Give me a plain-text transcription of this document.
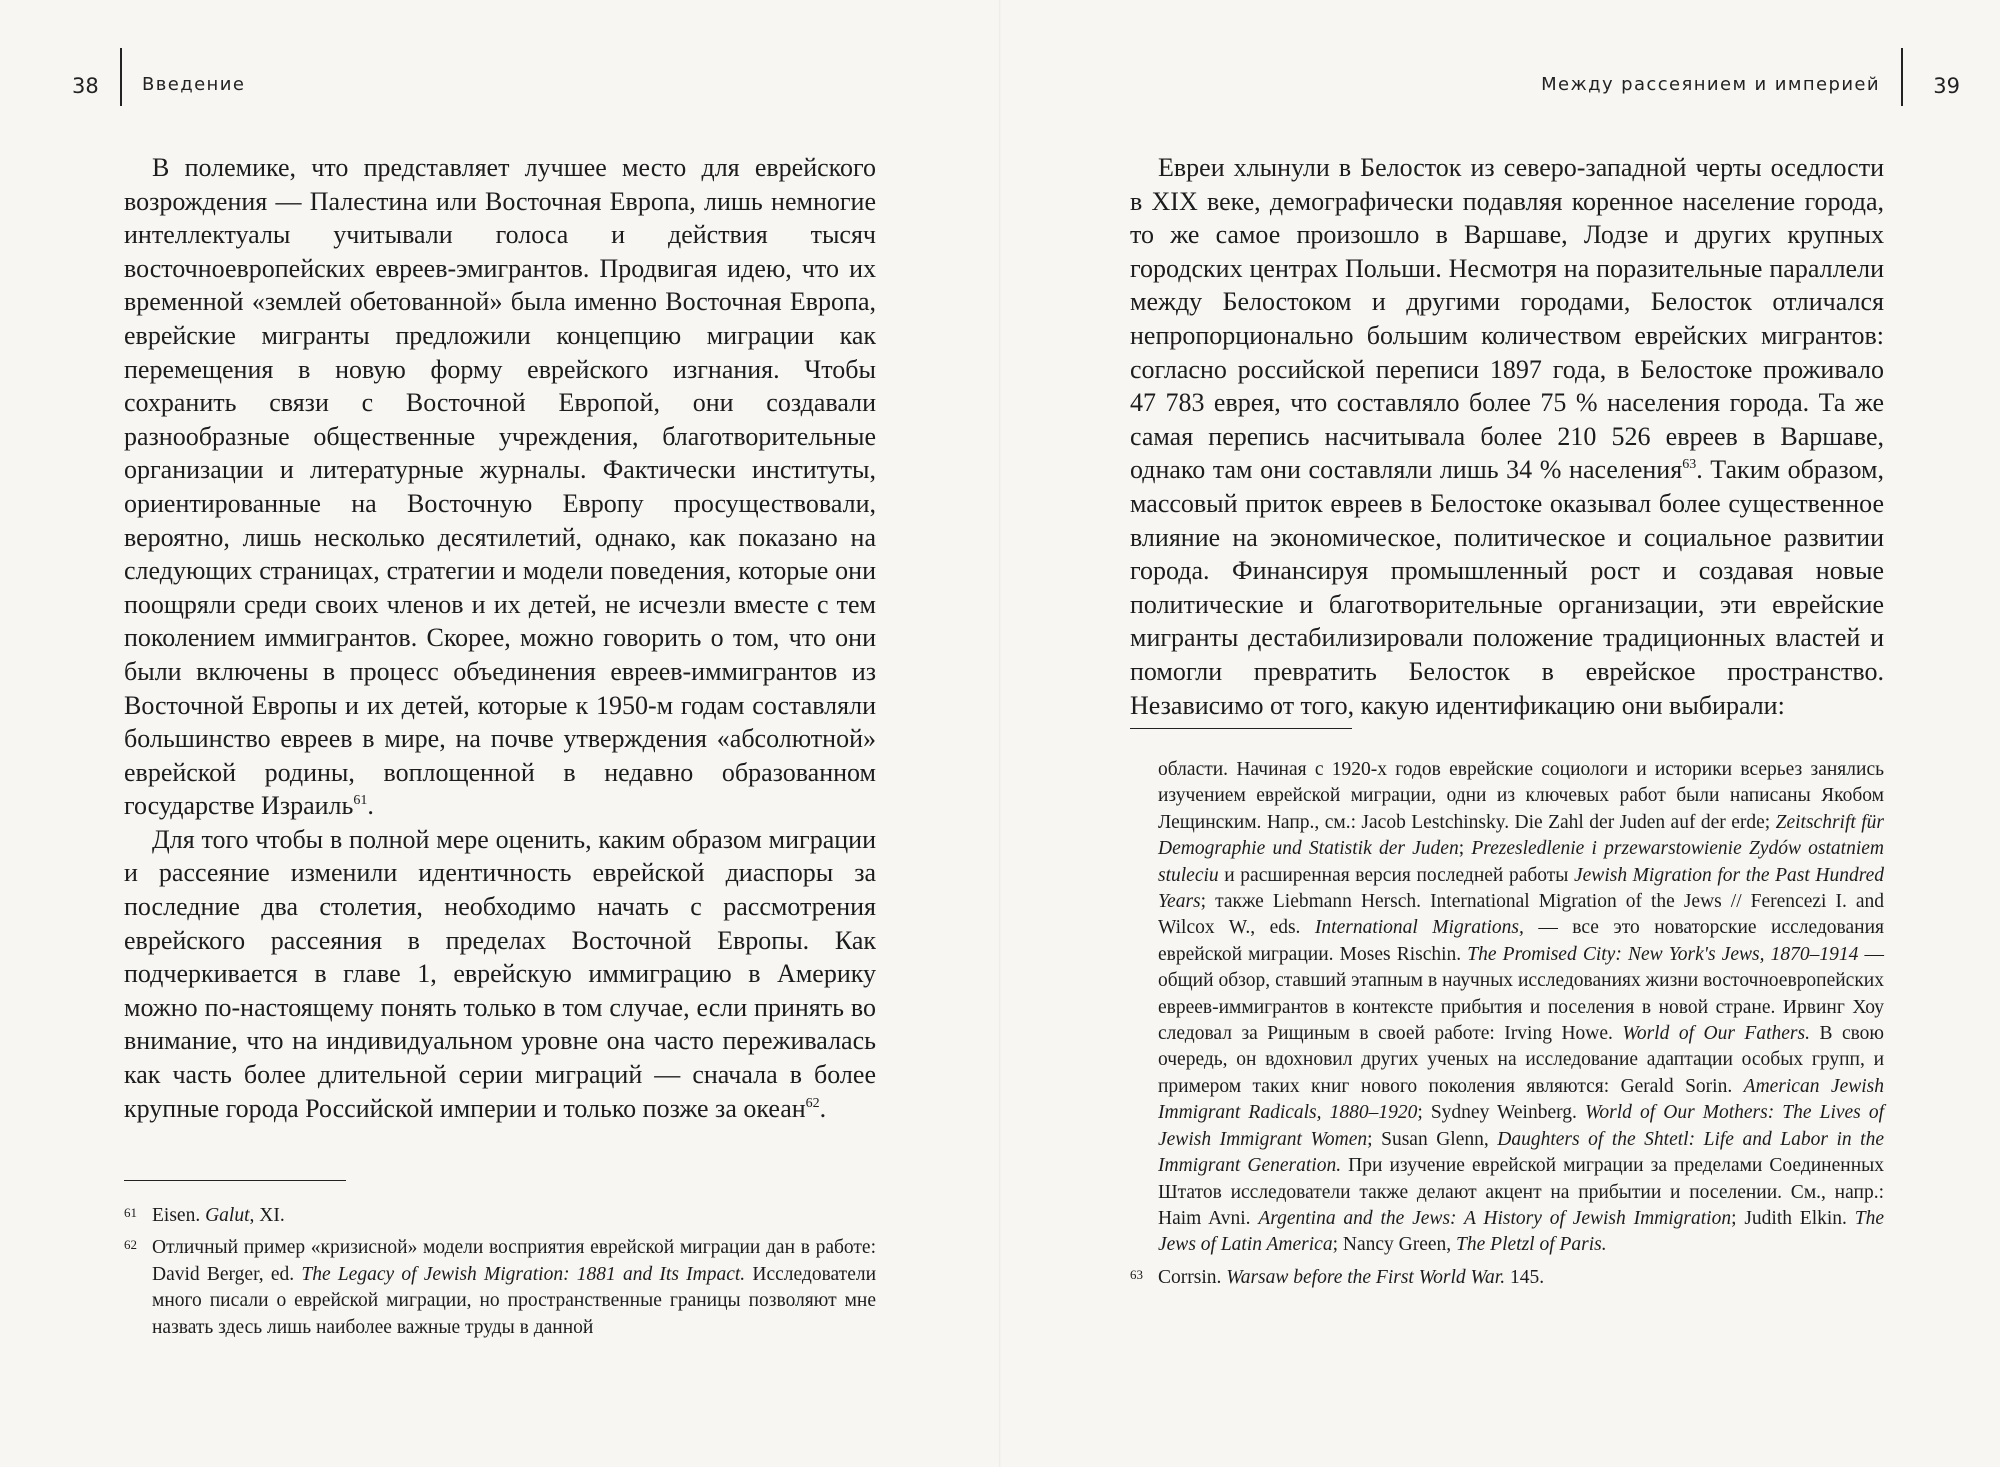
38 Введение

В полемике, что представляет лучшее место для еврейского возрождения — Палестина или Восточная Европа, лишь немногие интеллектуалы учитывали голоса и действия тысяч восточноевропейских евреев-эмигрантов. Продвигая идею, что их временной «землей обетованной» была именно Восточная Европа, еврейские мигранты предложили концепцию миграции как перемещения в новую форму еврейского изгнания. Чтобы сохранить связи с Восточной Европой, они создавали разнообразные общественные учреждения, благотворительные организации и литературные журналы. Фактически институты, ориентированные на Восточную Европу просуществовали, вероятно, лишь несколько десятилетий, однако, как показано на следующих страницах, стратегии и модели поведения, которые они поощряли среди своих членов и их детей, не исчезли вместе с тем поколением иммигрантов. Скорее, можно говорить о том, что они были включены в процесс объединения евреев-иммигрантов из Восточной Европы и их детей, которые к 1950-м годам составляли большинство евреев в мире, на почве утверждения «абсолютной» еврейской родины, воплощенной в недавно образованном государстве Израиль$^{61}$.

Для того чтобы в полной мере оценить, каким образом миграции и рассеяние изменили идентичность еврейской диаспоры за последние два столетия, необходимо начать с рассмотрения еврейского рассеяния в пределах Восточной Европы. Как подчеркивается в главе 1, еврейскую иммиграцию в Америку можно по-настоящему понять только в том случае, если принять во внимание, что на индивидуальном уровне она часто переживалась как часть более длительной серии миграций — сначала в более крупные города Российской империи и только позже за океан$^{62}$.

61 Eisen. Galut, XI.
62 Отличный пример «кризисной» модели восприятия еврейской миграции дан в работе: David Berger, ed. The Legacy of Jewish Migration: 1881 and Its Impact. Исследователи много писали о еврейской миграции, но пространственные границы позволяют мне назвать здесь лишь наиболее важные труды в данной
Между рассеянием и империей	39

Евреи хлынули в Белосток из северо-западной черты оседлости в XIX веке, демографически подавляя коренное население города, то же самое произошло в Варшаве, Лодзе и других крупных городских центрах Польши. Несмотря на поразительные параллели между Белостоком и другими городами, Белосток отличался непропорционально большим количеством еврейских мигрантов: согласно российской переписи 1897 года, в Белостоке проживало 47 783 еврея, что составляло более 75 % населения города. Та же самая перепись насчитывала более 210 526 евреев в Варшаве, однако там они составляли лишь 34 % населения$^{63}$. Таким образом, массовый приток евреев в Белостоке оказывал более существенное влияние на экономическое, политическое и социальное развитии города. Финансируя промышленный рост и создавая новые политические и благотворительные организации, эти еврейские мигранты дестабилизировали положение традиционных властей и помогли превратить Белосток в еврейское пространство. Независимо от того, какую идентификацию они выбирали:

области. Начиная с 1920-х годов еврейские социологи и историки всерьез занялись изучением еврейской миграции, одни из ключевых работ были написаны Якобом Лещинским. Напр., см.: Jacob Lestchinsky. Die Zahl der Juden auf der erde; Zeitschrift für Demographie und Statistik der Juden; Prezesledlenie i przewarstowienie Zydów ostatniem stuleciu и расширенная версия последней работы Jewish Migration for the Past Hundred Years; также Liebmann Hersch. International Migration of the Jews // Ferencezi I. and Wilcox W., eds. International Migrations, — все это новаторские исследования еврейской миграции. Moses Rischin. The Promised City: New York's Jews, 1870–1914 — общий обзор, ставший этапным в научных исследованиях жизни восточноевропейских евреев-иммигрантов в контексте прибытия и поселения в новой стране. Ирвинг Хоу следовал за Рищиным в своей работе: Irving Howe. World of Our Fathers. В свою очередь, он вдохновил других ученых на исследование адаптации особых групп, и примером таких книг нового поколения являются: Gerald Sorin. American Jewish Immigrant Radicals, 1880–1920; Sydney Weinberg. World of Our Mothers: The Lives of Jewish Immigrant Women; Susan Glenn, Daughters of the Shtetl: Life and Labor in the Immigrant Generation. При изучение еврейской миграции за пределами Соединенных Штатов исследователи также делают акцент на прибытии и поселении. См., напр.: Haim Avni. Argentina and the Jews: A History of Jewish Immigration; Judith Elkin. The Jews of Latin America; Nancy Green, The Pletzl of Paris.
63 Corrsin. Warsaw before the First World War. 145.
